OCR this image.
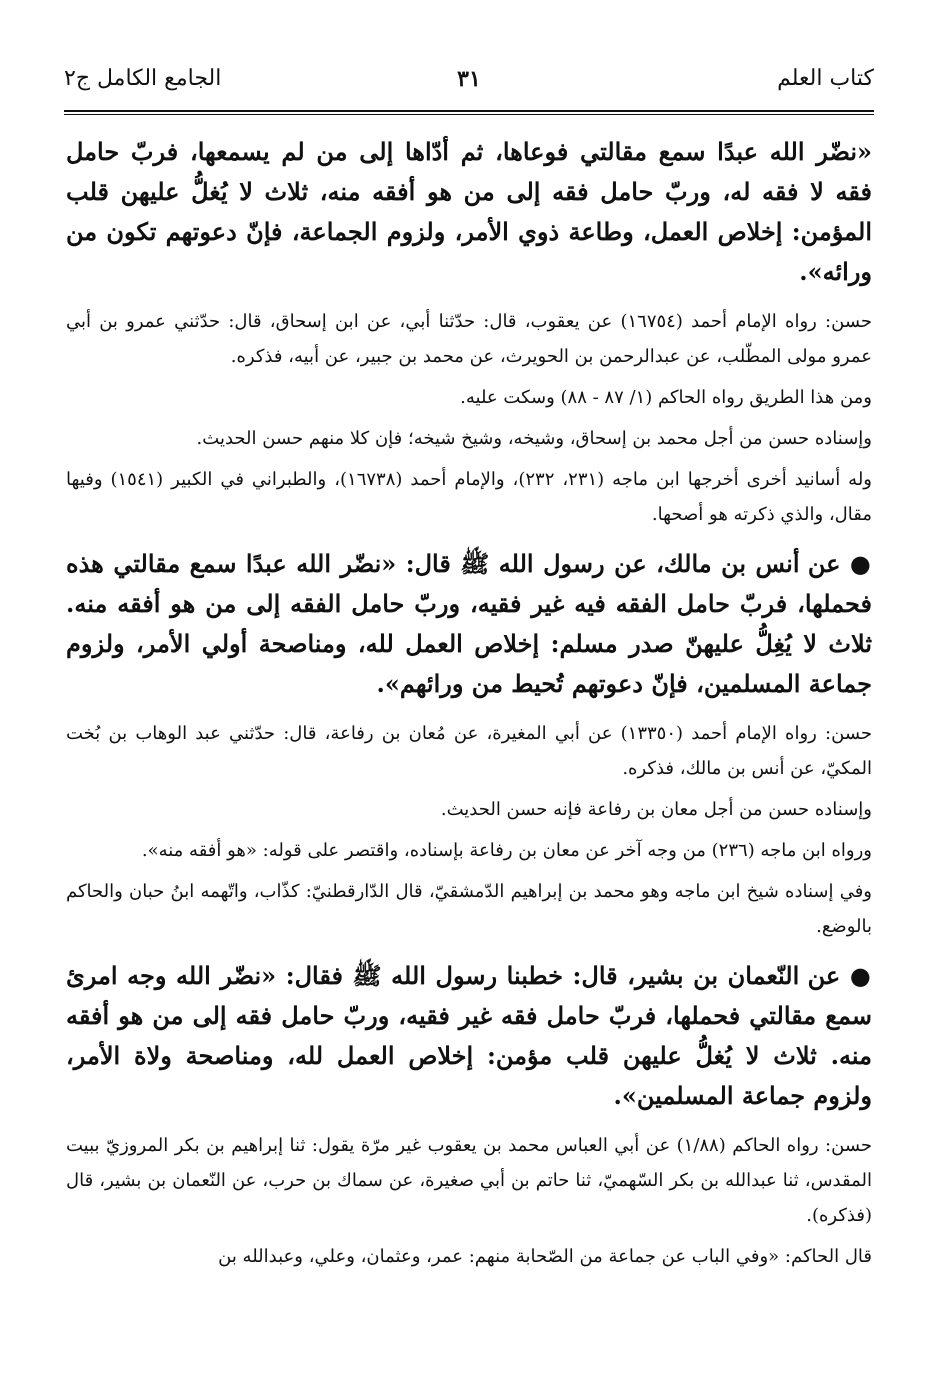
كتاب العلم
٣١
الجامع الكامل ج٢

«نضّر الله عبدًا سمع مقالتي فوعاها، ثم أدّاها إلى من لم يسمعها، فربّ حامل فقه لا فقه له، وربّ حامل فقه إلى من هو أفقه منه، ثلاث لا يُغلُّ عليهن قلب المؤمن: إخلاص العمل، وطاعة ذوي الأمر، ولزوم الجماعة، فإنّ دعوتهم تكون من ورائه».

حسن: رواه الإمام أحمد (١٦٧٥٤) عن يعقوب، قال: حدّثنا أبي، عن ابن إسحاق، قال: حدّثني عمرو بن أبي عمرو مولى المطّلب، عن عبدالرحمن بن الحويرث، عن محمد بن جبير، عن أبيه، فذكره.

ومن هذا الطريق رواه الحاكم (١/ ٨٧ - ٨٨) وسكت عليه.

وإسناده حسن من أجل محمد بن إسحاق، وشيخه، وشيخ شيخه؛ فإن كلا منهم حسن الحديث.

وله أسانيد أخرى أخرجها ابن ماجه (٢٣١، ٢٣٢)، والإمام أحمد (١٦٧٣٨)، والطبراني في الكبير (١٥٤١) وفيها مقال، والذي ذكرته هو أصحها.

● عن أنس بن مالك، عن رسول الله ﷺ قال: «نضّر الله عبدًا سمع مقالتي هذه فحملها، فربّ حامل الفقه فيه غير فقيه، وربّ حامل الفقه إلى من هو أفقه منه. ثلاث لا يُغِلُّ عليهنّ صدر مسلم: إخلاص العمل لله، ومناصحة أولي الأمر، ولزوم جماعة المسلمين، فإنّ دعوتهم تُحيط من ورائهم».

حسن: رواه الإمام أحمد (١٣٣٥٠) عن أبي المغيرة، عن مُعان بن رفاعة، قال: حدّثني عبد الوهاب بن بُخت المكيّ، عن أنس بن مالك، فذكره.

وإسناده حسن من أجل معان بن رفاعة فإنه حسن الحديث.

ورواه ابن ماجه (٢٣٦) من وجه آخر عن معان بن رفاعة بإسناده، واقتصر على قوله: «هو أفقه منه».

وفي إسناده شيخ ابن ماجه وهو محمد بن إبراهيم الدّمشقيّ، قال الدّارقطنيّ: كذّاب، واتّهمه ابنُ حبان والحاكم بالوضع.

● عن النّعمان بن بشير، قال: خطبنا رسول الله ﷺ فقال: «نضّر الله وجه امرئ سمع مقالتي فحملها، فربّ حامل فقه غير فقيه، وربّ حامل فقه إلى من هو أفقه منه. ثلاث لا يُغلُّ عليهن قلب مؤمن: إخلاص العمل لله، ومناصحة ولاة الأمر، ولزوم جماعة المسلمين».

حسن: رواه الحاكم (١/٨٨) عن أبي العباس محمد بن يعقوب غير مرّة يقول: ثنا إبراهيم بن بكر المروزيّ ببيت المقدس، ثنا عبدالله بن بكر السّهميّ، ثنا حاتم بن أبي صغيرة، عن سماك بن حرب، عن النّعمان بن بشير، قال (فذكره).

قال الحاكم: «وفي الباب عن جماعة من الصّحابة منهم: عمر، وعثمان، وعلي، وعبدالله بن
